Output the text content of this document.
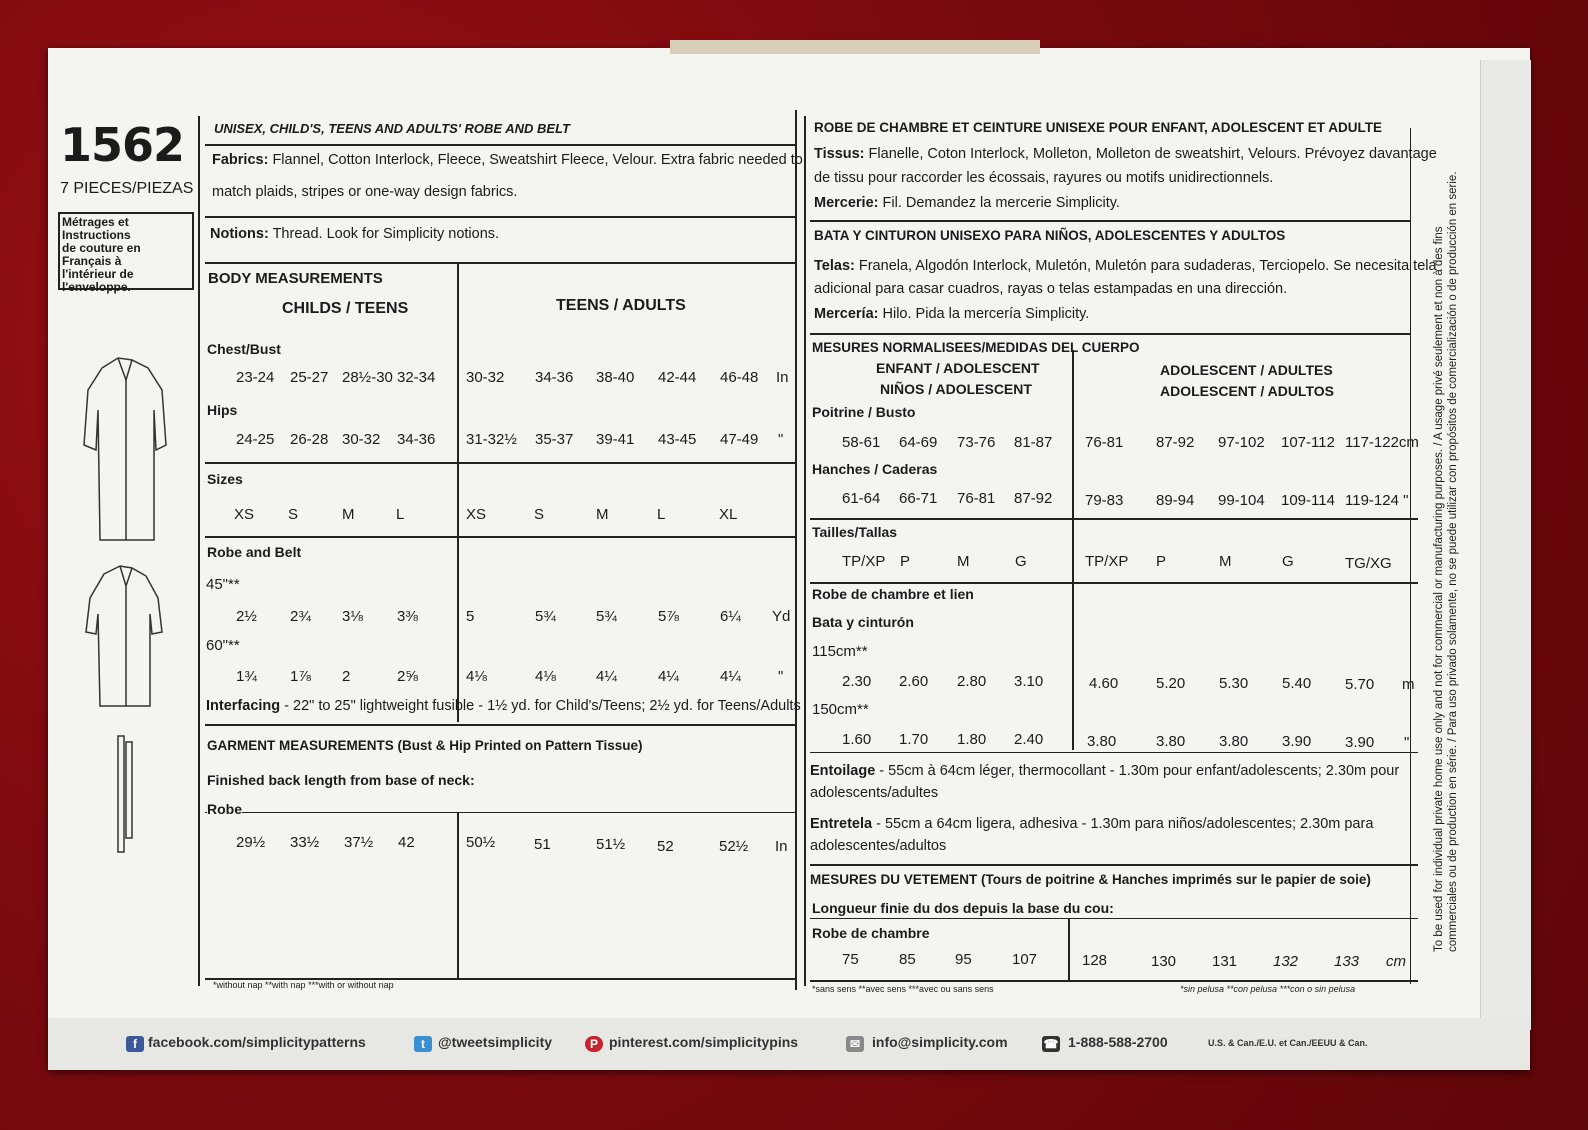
1562
7 PIECES/PIEZAS
Métrages et Instructions
de couture en Français à
l'intérieur de
l'enveloppe.
UNISEX, CHILD'S, TEENS AND ADULTS' ROBE AND BELT
Fabrics: Flannel, Cotton Interlock, Fleece, Sweatshirt Fleece, Velour. Extra fabric needed to
match plaids, stripes or one-way design fabrics.
Notions: Thread. Look for Simplicity notions.
BODY MEASUREMENTS
CHILDS / TEENS	TEENS / ADULTS
Chest/Bust
23-24 25-27 28½-30 32-34 30-32 34-36 38-40 42-44 46-48 In
Hips
24-25 26-28 30-32 34-36 31-32½ 35-37 39-41 43-45 47-49 "
Sizes
XS S	M	L	XS	S	M	L	XL
Robe and Belt
45"**
2½ 2¾ 3⅛ 3⅜	5	5¾	5¾	5⅞	6¼ Yd
60"**
1¾ 1⅞ 2	2⅝	4⅛	4⅛	4¼	4¼	4¼ "
Interfacing - 22" to 25" lightweight fusible - 1½ yd. for Child's/Teens; 2½ yd. for Teens/Adults
GARMENT MEASUREMENTS (Bust & Hip Printed on Pattern Tissue)
Finished back length from base of neck:
Robe
29½ 33½ 37½ 42	50½	51	51½ 52	52½ In
*without nap **with nap ***with or without nap
ROBE DE CHAMBRE ET CEINTURE UNISEXE POUR ENFANT, ADOLESCENT ET ADULTE
Tissus: Flanelle, Coton Interlock, Molleton, Molleton de sweatshirt, Velours. Prévoyez davantage
de tissu pour raccorder les écossais, rayures ou motifs unidirectionnels.
Mercerie: Fil. Demandez la mercerie Simplicity.
BATA Y CINTURON UNISEXO PARA NIÑOS, ADOLESCENTES Y ADULTOS
Telas: Franela, Algodón Interlock, Muletón, Muletón para sudaderas, Terciopelo. Se necesita tela
adicional para casar cuadros, rayas o telas estampadas en una dirección.
Mercería: Hilo. Pida la mercería Simplicity.
MESURES NORMALISEES/MEDIDAS DEL CUERPO
ENFANT / ADOLESCENT
NIÑOS / ADOLESCENT
ADOLESCENT / ADULTES
ADOLESCENT / ADULTOS
Poitrine / Busto
58-61 64-69 73-76 81-87 76-81 87-92 97-102 107-112 117-122cm
Hanches / Caderas
61-64 66-71 76-81 87-92 79-83 89-94 99-104 109-114 119-124 "
Tailles/Tallas
TP/XP P	M	G	TP/XP P	M	G	TG/XG
Robe de chambre et lien
Bata y cinturón
115cm**
2.30 2.60 2.80 3.10	4.60	5.20 5.30 5.40 5.70 m
150cm**
1.60 1.70 1.80 2.40	3.80	3.80 3.80 3.90 3.90 "
Entoilage - 55cm à 64cm léger, thermocollant - 1.30m pour enfant/adolescents; 2.30m pour
adolescents/adultes
Entretela - 55cm a 64cm ligera, adhesiva - 1.30m para niños/adolescentes; 2.30m para
adolescentes/adultos
MESURES DU VETEMENT (Tours de poitrine & Hanches imprimés sur le papier de soie)
Longueur finie du dos depuis la base du cou:
Robe de chambre
75	85	95	107	128	130 131 132 133 cm
*sans sens **avec sens ***avec ou sans sens	*sin pelusa **con pelusa ***con o sin pelusa
To be used for individual private home use only and not for commercial or manufacturing purposes. / A usage privé seulement et non à des fins commerciales ou de production en série. / Para uso privado solamente, no se puede utilizar con propósitos de comercialización o de producción en serie.
f facebook.com/simplicitypatterns	t @tweetsimplicity	P pinterest.com/simplicitypins	✉ info@simplicity.com	☎ 1-888-588-2700	U.S. & Can./E.U. et Can./EEUU & Can.
